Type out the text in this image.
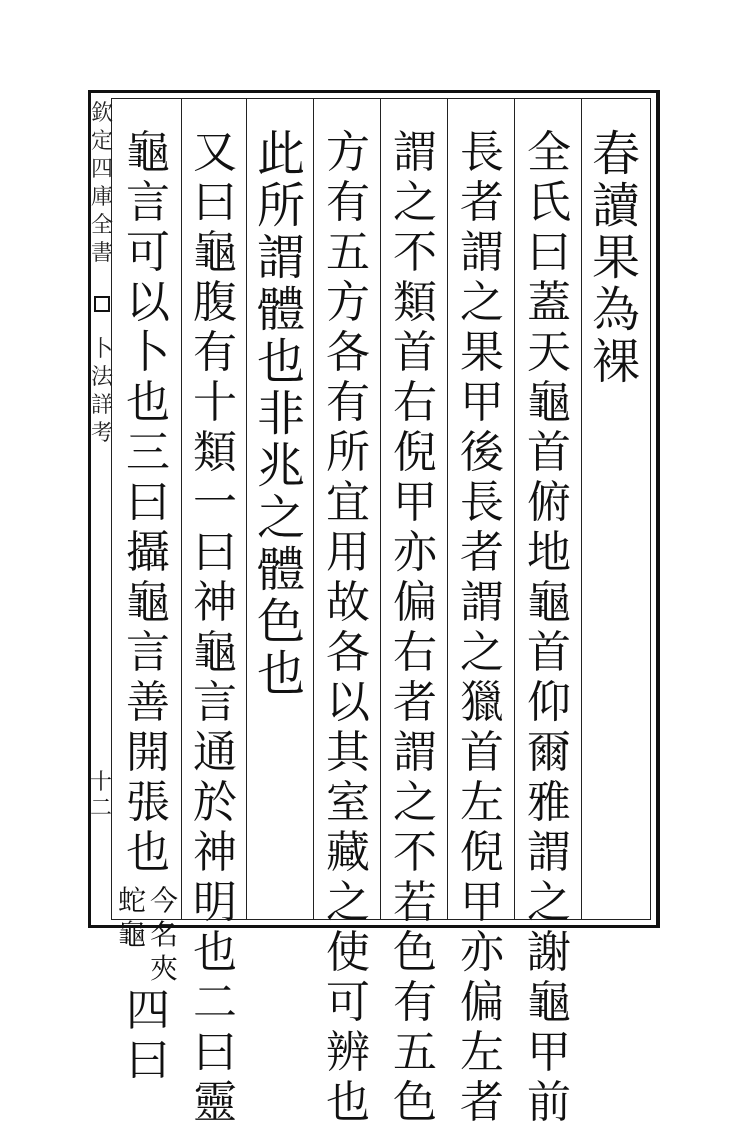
欽
定
四
庫
全
書
卜
法
詳
考
十二
春
讀
果
為
裸
全
氏
曰
蓋
天
龜
首
俯
地
龜
首
仰
爾
雅
謂
之
謝
龜
甲
前
長
者
謂
之
果
甲
後
長
者
謂
之
獵
首
左
倪
甲
亦
偏
左
者
謂
之
不
類
首
右
倪
甲
亦
偏
右
者
謂
之
不
若
色
有
五
色
方
有
五
方
各
有
所
宜
用
故
各
以
其
室
藏
之
使
可
辨
也
此
所
謂
體
也
非
兆
之
體
色
也
又
曰
龜
腹
有
十
類
一
曰
神
龜
言
通
於
神
明
也
二
曰
靈
龜
言
可
以
卜
也
三
曰
攝
龜
言
善
開
張
也
蛇
龜
今
名
夾
四
曰
